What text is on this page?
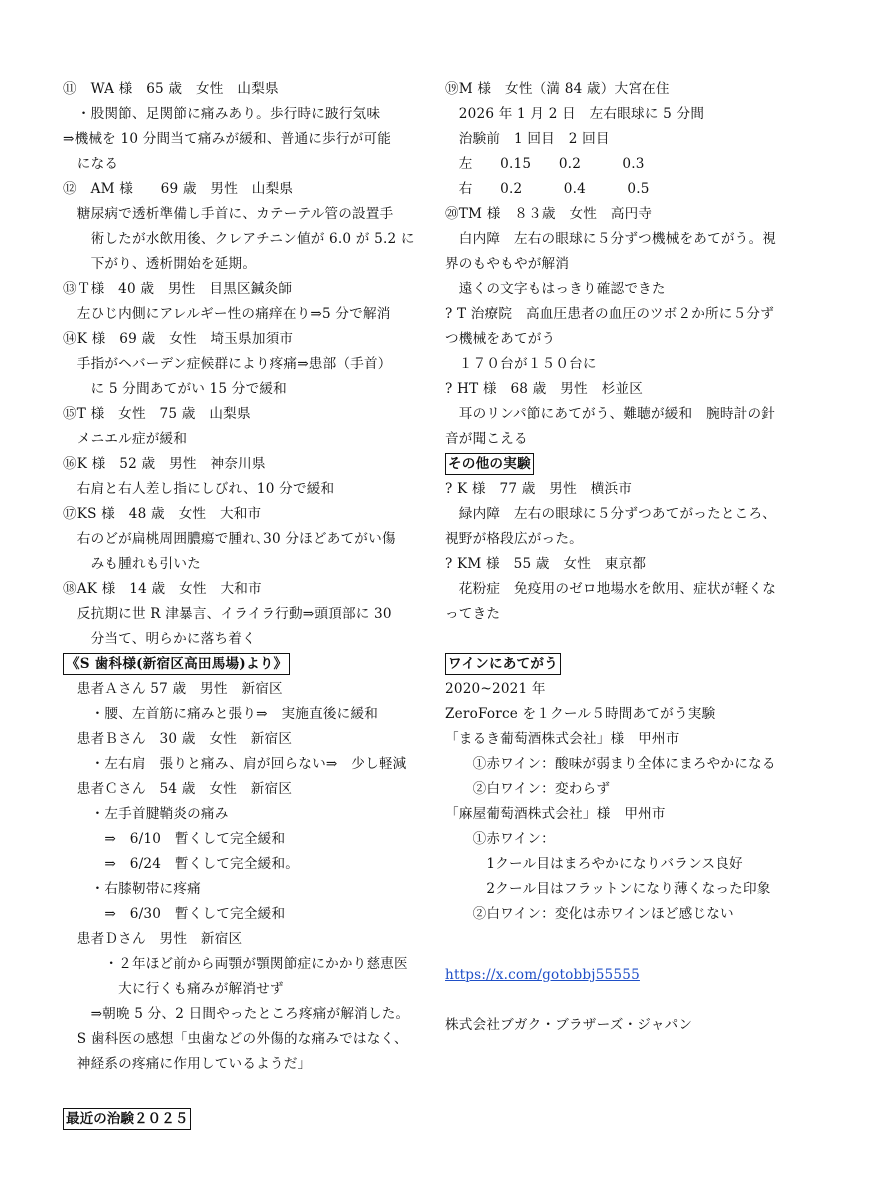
⑪　WA 様　65 歳　女性　山梨県
　・股関節、足関節に痛みあり。歩行時に跛行気味
⇒機械を 10 分間当て痛みが緩和、普通に歩行が可能
　になる
⑫　AM 様　　69 歳　男性　山梨県
　糖尿病で透析準備し手首に、カテーテル管の設置手
　　術したが水飲用後、クレアチニン値が 6.0 が 5.2 に
　　下がり、透析開始を延期。
⑬Ｔ様　40 歳　男性　目黒区鍼灸師
　左ひじ内側にアレルギー性の痛痒在り⇒5 分で解消
⑭K 様　69 歳　女性　埼玉県加須市
　手指がヘバーデン症候群により疼痛⇒患部（手首）
　　に 5 分間あてがい 15 分で緩和
⑮T 様　女性　75 歳　山梨県
　メニエル症が緩和
⑯K 様　52 歳　男性　神奈川県
　右肩と右人差し指にしびれ、10 分で緩和
⑰KS 様　48 歳　女性　大和市
　右のどが扁桃周囲膿瘍で腫れ､30 分ほどあてがい傷
　　みも腫れも引いた
⑱AK 様　14 歳　女性　大和市
　反抗期に世 R 津暴言、イライラ行動⇒頭頂部に 30
　　分当て、明らかに落ち着く
《S 歯科様(新宿区高田馬場)より》
　患者Ａさん 57 歳　男性　新宿区
　　・腰、左首筋に痛みと張り⇒　実施直後に緩和
　患者Ｂさん　30 歳　女性　新宿区
　　・左右肩　張りと痛み、肩が回らない⇒　少し軽減
　患者Ｃさん　54 歳　女性　新宿区
　　・左手首腱鞘炎の痛み
　　　⇒　6/10　暫くして完全緩和
　　　⇒　6/24　暫くして完全緩和。
　　・右膝靭帯に疼痛
　　　⇒　6/30　暫くして完全緩和
　患者Ｄさん　男性　新宿区
　　　・２年ほど前から両顎が顎関節症にかかり慈恵医
　　　　大に行くも痛みが解消せず
　　⇒朝晩 5 分、2 日間やったところ疼痛が解消した。
　S 歯科医の感想「虫歯などの外傷的な痛みではなく、
　神経系の疼痛に作用しているようだ」
⑲M 様　女性（満 84 歳）大宮在住
　2026 年 1 月 2 日　左右眼球に 5 分間
　治験前　1 回目　2 回目
　左　　0.15　　0.2　　　0.3
　右　　0.2　　　0.4　　　0.5
⑳TM 様　８３歳　女性　高円寺
　白内障　左右の眼球に５分ずつ機械をあてがう。視
界のもやもやが解消
　遠くの文字もはっきり確認できた
? T 治療院　高血圧患者の血圧のツボ２か所に５分ず
つ機械をあてがう
　１７０台が１５０台に
? HT 様　68 歳　男性　杉並区
　耳のリンパ節にあてがう、難聴が緩和　腕時計の針
音が聞こえる
その他の実験
? K 様　77 歳　男性　横浜市
　緑内障　左右の眼球に５分ずつあてがったところ、
視野が格段広がった。
? KM 様　55 歳　女性　東京都
　花粉症　免疫用のゼロ地場水を飲用、症状が軽くな
ってきた
ワインにあてがう
2020~2021 年
ZeroForce を１クール５時間あてがう実験
「まるき葡萄酒株式会社」様　甲州市
　　①赤ワイン：酸味が弱まり全体にまろやかになる
　　②白ワイン：変わらず
「麻屋葡萄酒株式会社」様　甲州市
　　①赤ワイン：
　　　1クール目はまろやかになりバランス良好
　　　2クール目はフラットンになり薄くなった印象
　　②白ワイン：変化は赤ワインほど感じない
https://x.com/gotobbj55555
株式会社ブガク・ブラザーズ・ジャパン
最近の治験２０２５
